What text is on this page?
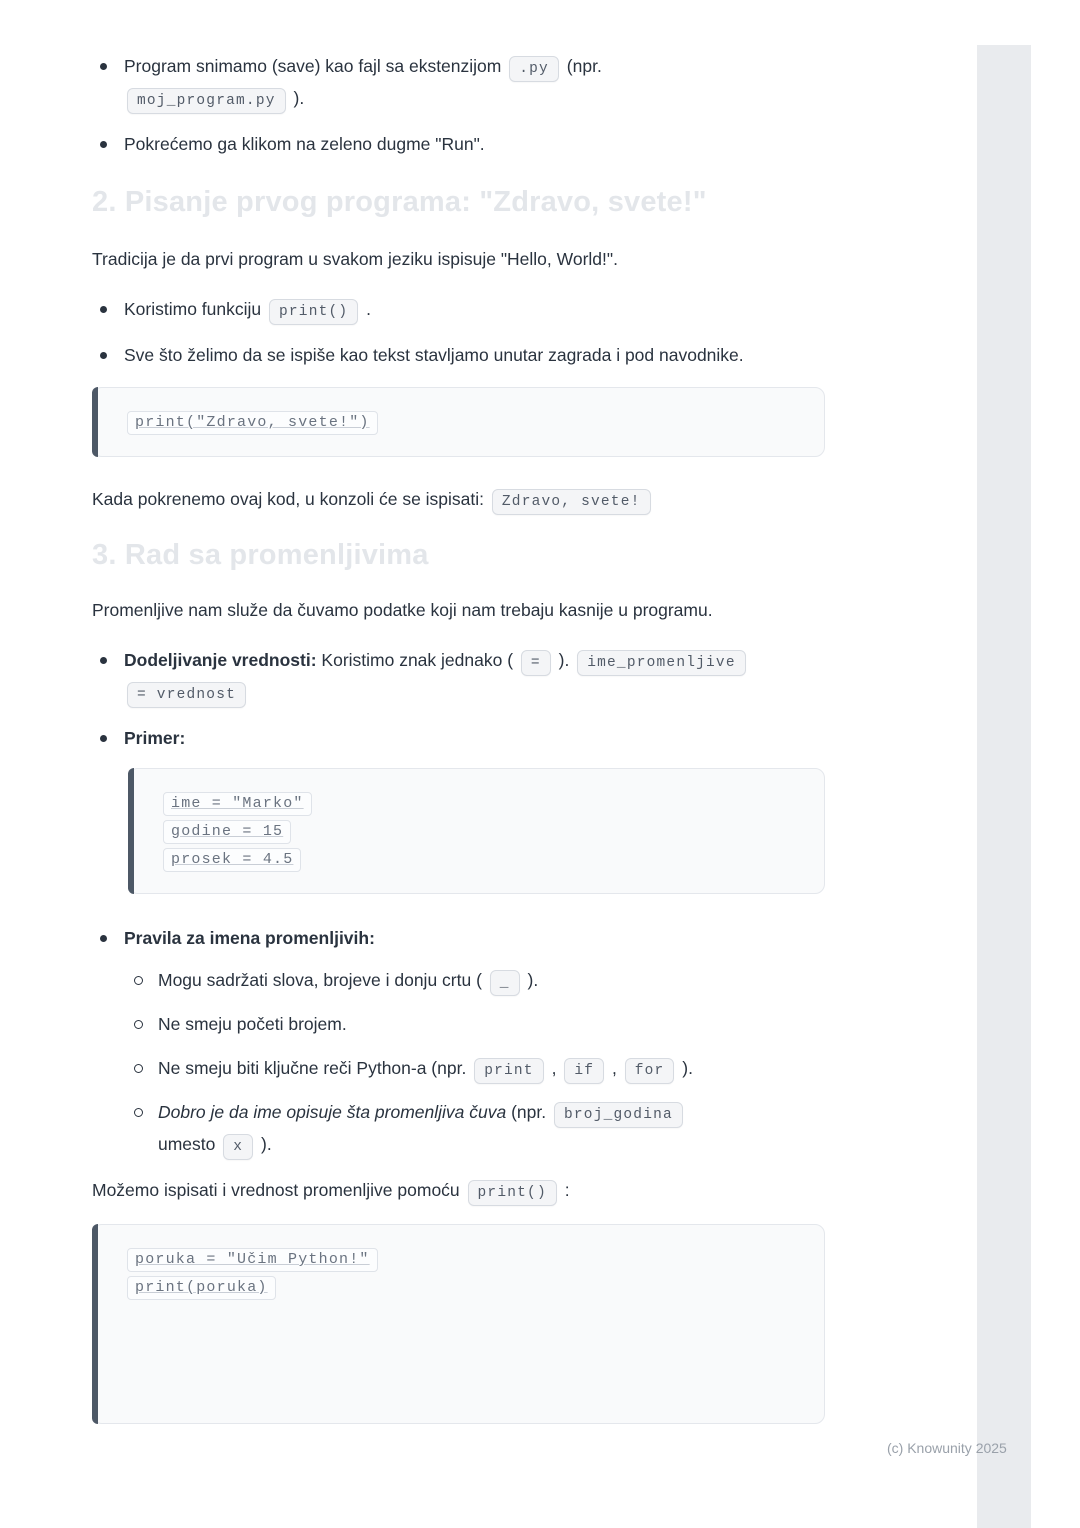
(c) Knowunity 2025
Program snimamo (save) kao fajl sa ekstenzijom .py (npr.
moj_program.py ).
Pokrećemo ga klikom na zeleno dugme "Run".
2. Pisanje prvog programa: "Zdravo, svete!"

Tradicija je da prvi program u svakom jeziku ispisuje "Hello, World!".

Koristimo funkciju print() .
Sve što želimo da se ispiše kao tekst stavljamo unutar zagrada i pod navodnike.
print("Zdravo, svete!")

Kada pokrenemo ovaj kod, u konzoli će se ispisati: Zdravo, svete!

3. Rad sa promenljivima

Promenljive nam služe da čuvamo podatke koji nam trebaju kasnije u programu.

Dodeljivanje vrednosti: Koristimo znak jednako ( = ). ime_promenljive
= vrednost
Primer:
ime = "Marko"
godine = 15
prosek = 4.5
Pravila za imena promenljivih:
Mogu sadržati slova, brojeve i donju crtu ( _ ).
Ne smeju početi brojem.
Ne smeju biti ključne reči Python-a (npr. print , if , for ).
Dobro je da ime opisuje šta promenljiva čuva (npr. broj_godina
umesto x ).

Možemo ispisati i vrednost promenljive pomoću print() :

poruka = "Učim Python!"
print(poruka)
